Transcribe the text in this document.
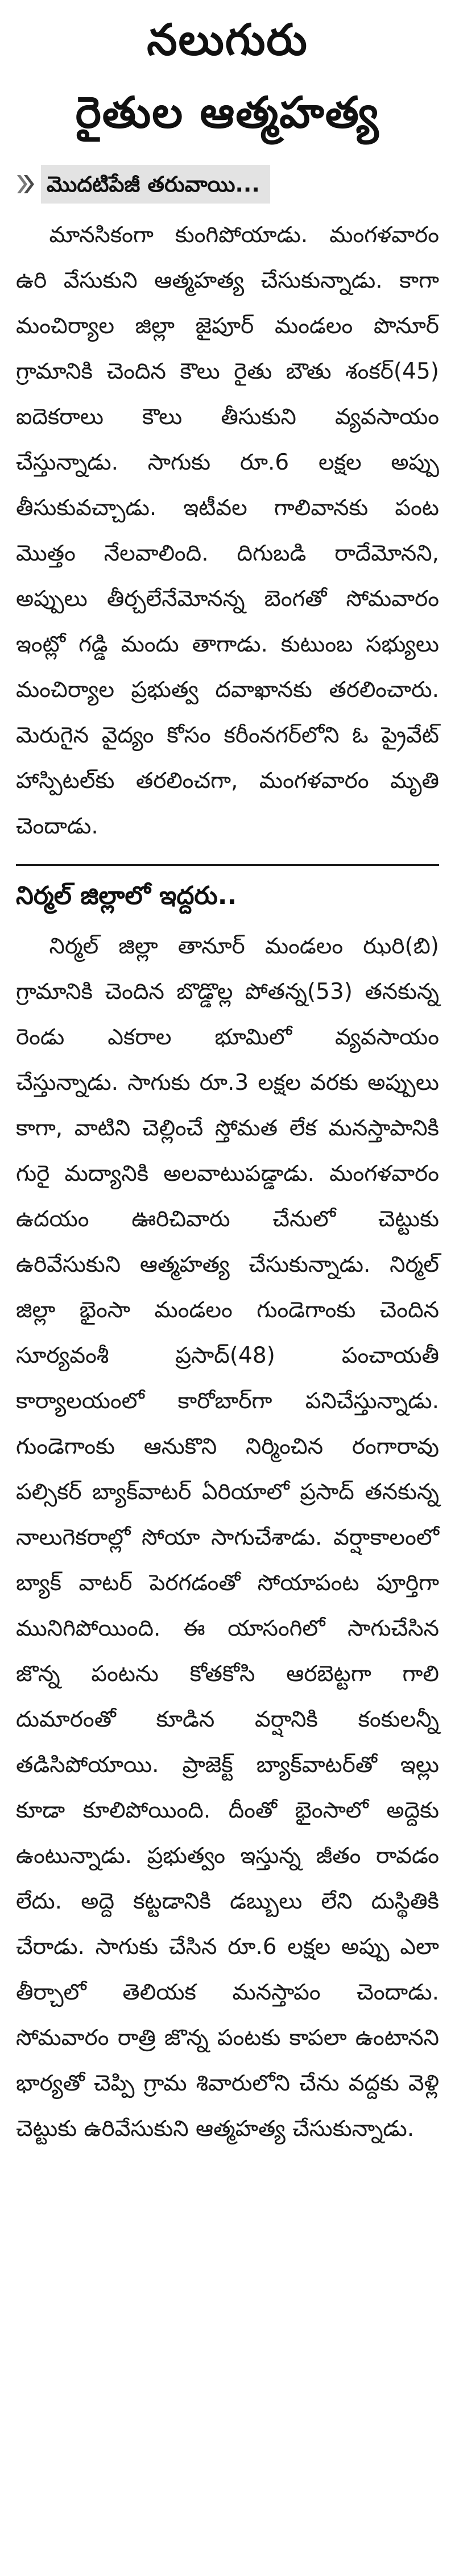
నలుగురు
రైతుల ఆత్మహత్య
మొదటిపేజీ తరువాయి...

మానసికంగా కుంగిపోయాడు. మంగళవారం ఉరి వేసుకుని ఆత్మహత్య చేసుకున్నాడు. కాగా మంచిర్యాల జిల్లా జైపూర్ మండలం పొనూర్ గ్రామానికి చెందిన కౌలు రైతు బౌతు శంకర్(45) ఐదెకరాలు కౌలు తీసుకుని వ్యవసాయం చేస్తున్నాడు. సాగుకు రూ.6 లక్షల అప్పు తీసుకువచ్చాడు. ఇటీవల గాలివానకు పంట మొత్తం నేలవాలింది. దిగుబడి రాదేమోనని, అప్పులు తీర్చలేనేమోనన్న బెంగతో సోమవారం ఇంట్లో గడ్డి మందు తాగాడు. కుటుంబ సభ్యులు మంచిర్యాల ప్రభుత్వ దవాఖానకు తరలించారు. మెరుగైన వైద్యం కోసం కరీంనగర్‌లోని ఓ ప్రైవేట్ హాస్పిటల్‌కు తరలించగా, మంగళవారం మృతి చెందాడు.

నిర్మల్ జిల్లాలో ఇద్దరు..

నిర్మల్ జిల్లా తానూర్ మండలం ఝరి(బి) గ్రామానికి చెందిన బొడ్డొల్ల పోతన్న(53) తనకున్న రెండు ఎకరాల భూమిలో వ్యవసాయం చేస్తున్నాడు. సాగుకు రూ.3 లక్షల వరకు అప్పులు కాగా, వాటిని చెల్లించే స్తోమత లేక మనస్తాపానికి గురై మద్యానికి అలవాటుపడ్డాడు. మంగళవారం ఉదయం ఊరిచివారు చేనులో చెట్టుకు ఉరివేసుకుని ఆత్మహత్య చేసుకున్నాడు. నిర్మల్ జిల్లా భైంసా మండలం గుండెగాంకు చెందిన సూర్యవంశీ ప్రసాద్(48) పంచాయతీ కార్యాలయంలో కారోబార్‌గా పనిచేస్తున్నాడు. గుండెగాంకు ఆనుకొని నిర్మించిన రంగారావు పల్సికర్ బ్యాక్‌వాటర్ ఏరియాలో ప్రసాద్ తనకున్న నాలుగెకరాల్లో సోయా సాగుచేశాడు. వర్షాకాలంలో బ్యాక్ వాటర్ పెరగడంతో సోయాపంట పూర్తిగా మునిగిపోయింది. ఈ యాసంగిలో సాగుచేసిన జొన్న పంటను కోతకోసి ఆరబెట్టగా గాలి దుమారంతో కూడిన వర్షానికి కంకులన్నీ తడిసిపోయాయి. ప్రాజెక్ట్ బ్యాక్‌వాటర్‌తో ఇల్లు కూడా కూలిపోయింది. దీంతో భైంసాలో అద్దెకు ఉంటున్నాడు. ప్రభుత్వం ఇస్తున్న జీతం రావడం లేదు. అద్దె కట్టడానికి డబ్బులు లేని దుస్థితికి చేరాడు. సాగుకు చేసిన రూ.6 లక్షల అప్పు ఎలా తీర్చాలో తెలియక మనస్తాపం చెందాడు. సోమవారం రాత్రి జొన్న పంటకు కాపలా ఉంటానని భార్యతో చెప్పి గ్రామ శివారులోని చేను వద్దకు వెళ్లి చెట్టుకు ఉరివేసుకుని ఆత్మహత్య చేసుకున్నాడు.
